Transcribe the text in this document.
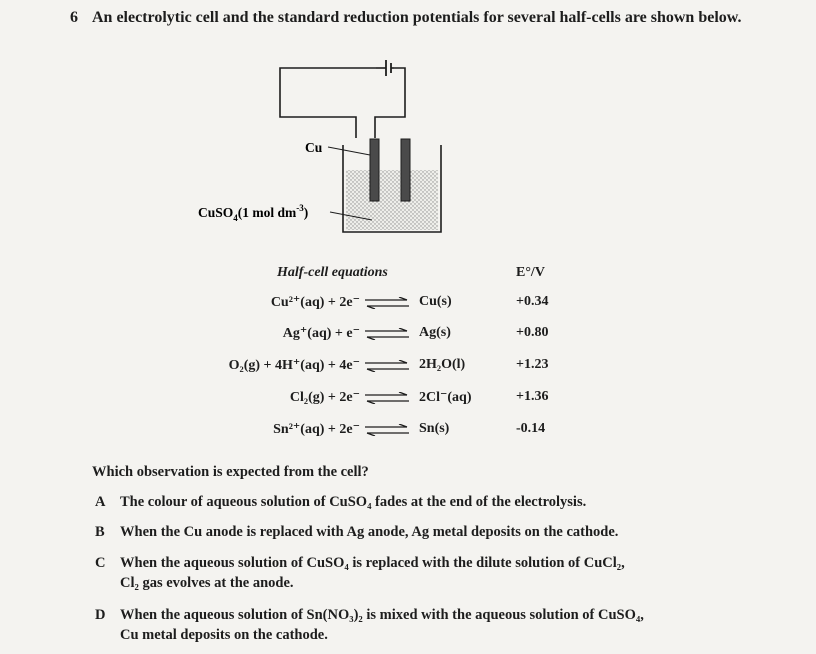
6 An electrolytic cell and the standard reduction potentials for several half-cells are shown below.
Cu
CuSO$_4$(1 mol $dm^{-3}$)
Half-cell equations	E°/V
Cu²⁺(aq) + 2e⁻ ⇌ Cu(s)	+0.34
Ag⁺(aq) + e⁻ ⇌ Ag(s)	+0.80
O₂(g) + 4H⁺(aq) + 4e⁻ ⇌ 2H₂O(l)	+1.23
Cl₂(g) + 2e⁻ ⇌ 2Cl⁻(aq)	+1.36
Sn²⁺(aq) + 2e⁻ ⇌ Sn(s)	-0.14
Which observation is expected from the cell?
A The colour of aqueous solution of CuSO₄ fades at the end of the electrolysis.
B When the Cu anode is replaced with Ag anode, Ag metal deposits on the cathode.
C When the aqueous solution of CuSO₄ is replaced with the dilute solution of CuCl₂,
Cl₂ gas evolves at the anode.
D When the aqueous solution of Sn(NO₃)₂ is mixed with the aqueous solution of CuSO₄,
Cu metal deposits on the cathode.
